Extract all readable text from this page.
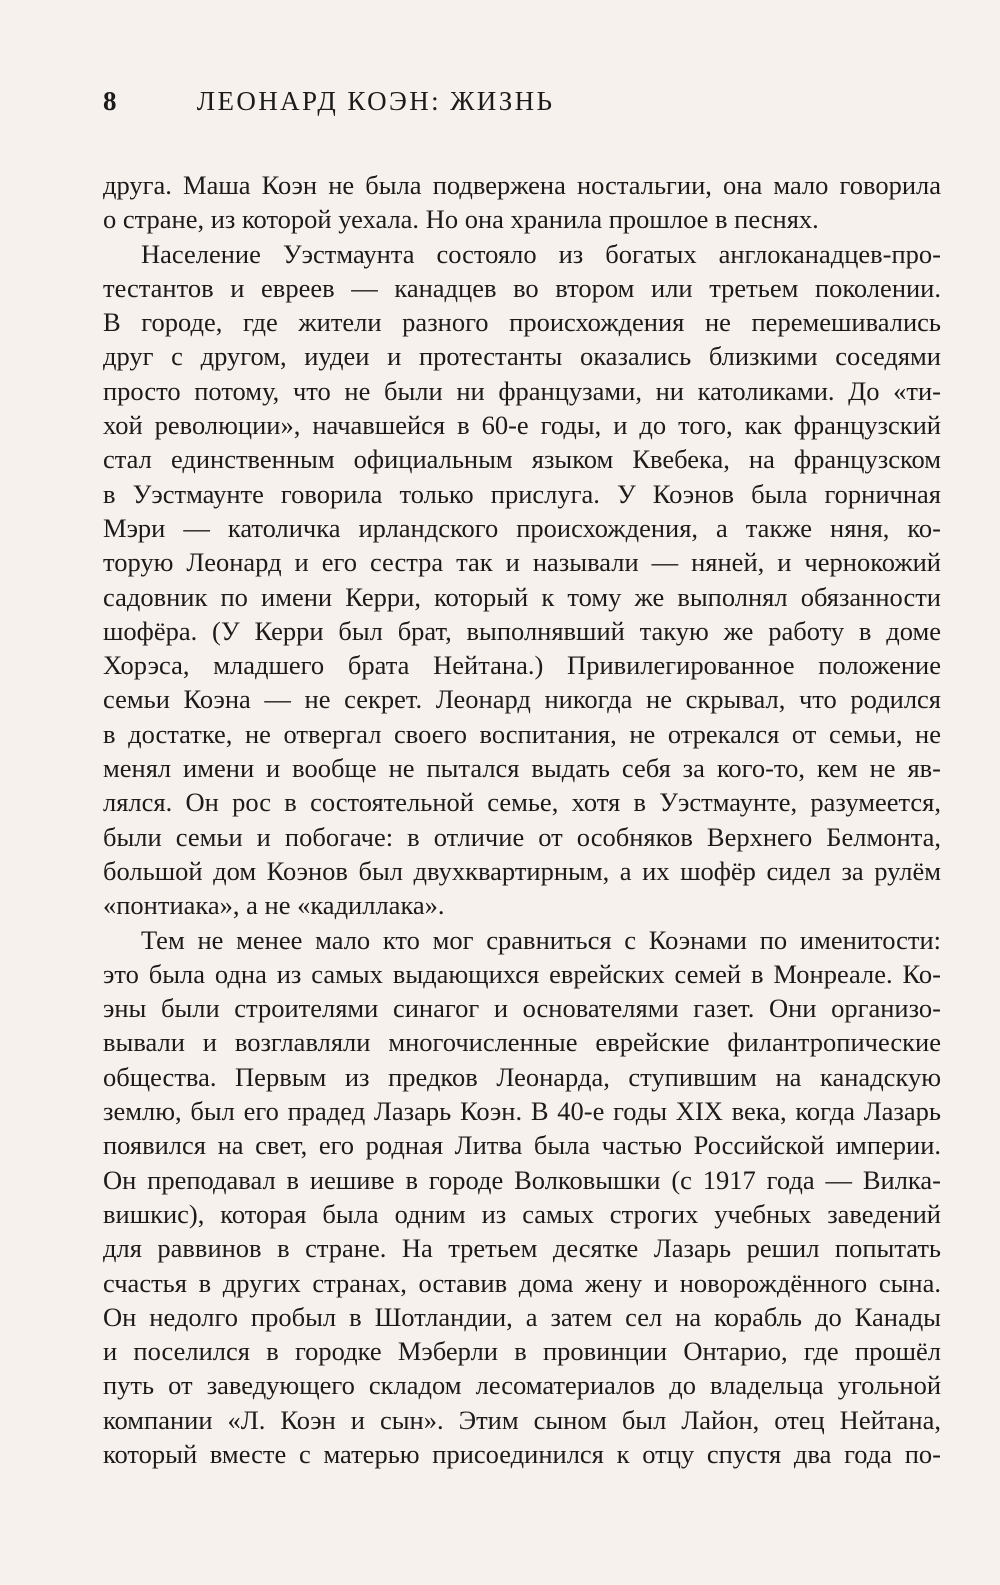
8	ЛЕОНАРД КОЭН: ЖИЗНЬ
друга. Маша Коэн не была подвержена ностальгии, она мало говорила
о стране, из которой уехала. Но она хранила прошлое в песнях.
Население Уэстмаунта состояло из богатых англоканадцев-про-
тестантов и евреев — канадцев во втором или третьем поколении.
В городе, где жители разного происхождения не перемешивались
друг с другом, иудеи и протестанты оказались близкими соседями
просто потому, что не были ни французами, ни католиками. До «ти-
хой революции», начавшейся в 60-е годы, и до того, как французский
стал единственным официальным языком Квебека, на французском
в Уэстмаунте говорила только прислуга. У Коэнов была горничная
Мэри — католичка ирландского происхождения, а также няня, ко-
торую Леонард и его сестра так и называли — няней, и чернокожий
садовник по имени Керри, который к тому же выполнял обязанности
шофёра. (У Керри был брат, выполнявший такую же работу в доме
Хорэса, младшего брата Нейтана.) Привилегированное положение
семьи Коэна — не секрет. Леонард никогда не скрывал, что родился
в достатке, не отвергал своего воспитания, не отрекался от семьи, не
менял имени и вообще не пытался выдать себя за кого-то, кем не яв-
лялся. Он рос в состоятельной семье, хотя в Уэстмаунте, разумеется,
были семьи и побогаче: в отличие от особняков Верхнего Белмонта,
большой дом Коэнов был двухквартирным, а их шофёр сидел за рулём
«понтиака», а не «кадиллака».
Тем не менее мало кто мог сравниться с Коэнами по именитости:
это была одна из самых выдающихся еврейских семей в Монреале. Ко-
эны были строителями синагог и основателями газет. Они организо-
вывали и возглавляли многочисленные еврейские филантропические
общества. Первым из предков Леонарда, ступившим на канадскую
землю, был его прадед Лазарь Коэн. В 40-е годы XIX века, когда Лазарь
появился на свет, его родная Литва была частью Российской империи.
Он преподавал в иешиве в городе Волковышки (с 1917 года — Вилка-
вишкис), которая была одним из самых строгих учебных заведений
для раввинов в стране. На третьем десятке Лазарь решил попытать
счастья в других странах, оставив дома жену и новорождённого сына.
Он недолго пробыл в Шотландии, а затем сел на корабль до Канады
и поселился в городке Мэберли в провинции Онтарио, где прошёл
путь от заведующего складом лесоматериалов до владельца угольной
компании «Л. Коэн и сын». Этим сыном был Лайон, отец Нейтана,
который вместе с матерью присоединился к отцу спустя два года по-
